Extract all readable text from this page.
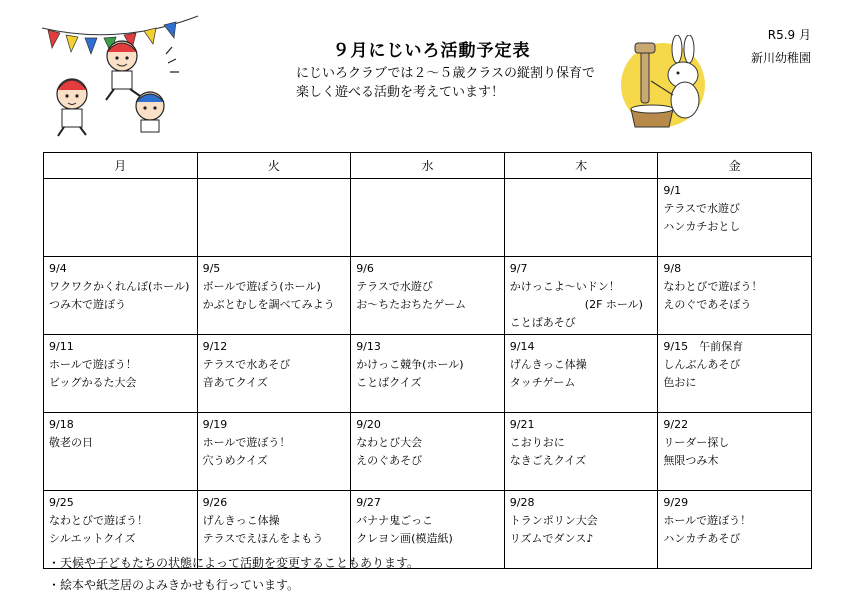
９月にじいろ活動予定表
にじいろクラブでは２～５歳クラスの縦割り保育で
楽しく遊べる活動を考えています！
R5.9 月
新川幼稚園
月	火	水	木	金

				9/1
テラスで水遊び
ハンカチおとし

9/4
ワクワクかくれんぼ(ホール)
つみ木で遊ぼう	9/5
ボールで遊ぼう(ホール)
かぶとむしを調べてみよう	9/6
テラスで水遊び
お～ちたおちたゲーム	9/7
かけっこよ～いドン！
(2F ホール)
ことばあそび	9/8
なわとびで遊ぼう！
えのぐであそぼう

9/11
ホールで遊ぼう！
ビッグかるた大会	9/12
テラスで水あそび
音あてクイズ	9/13
かけっこ競争(ホール)
ことばクイズ	9/14
げんきっこ体操
タッチゲーム	9/15　午前保育
しんぶんあそび
色おに

9/18
敬老の日	9/19
ホールで遊ぼう！
穴うめクイズ	9/20
なわとび大会
えのぐあそび	9/21
こおりおに
なきごえクイズ	9/22
リーダー探し
無限つみ木

9/25
なわとびで遊ぼう！
シルエットクイズ	9/26
げんきっこ体操
テラスでえほんをよもう	9/27
バナナ鬼ごっこ
クレヨン画(模造紙)	9/28
トランポリン大会
リズムでダンス♪	9/29
ホールで遊ぼう！
ハンカチあそび
・天候や子どもたちの状態によって活動を変更することもあります。
・絵本や紙芝居のよみきかせも行っています。
